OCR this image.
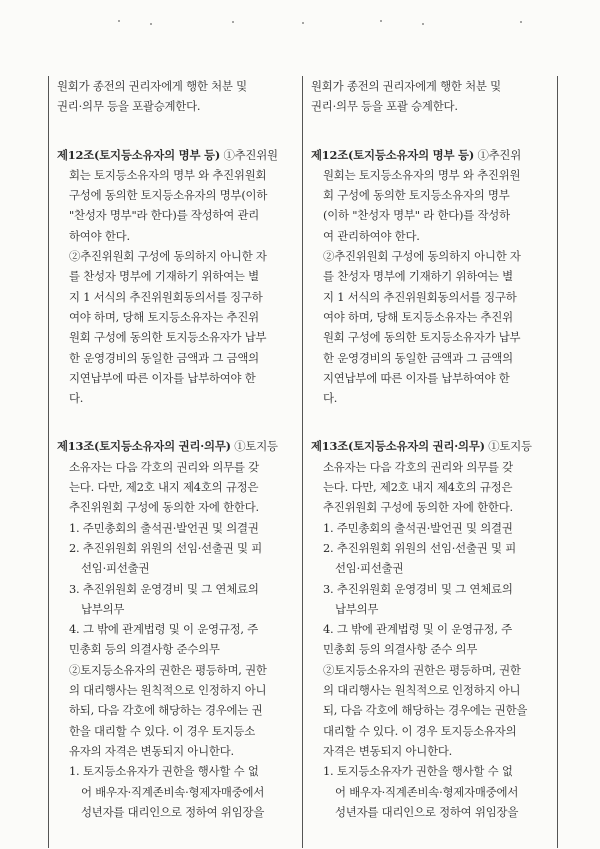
원회가 종전의 권리자에게 행한 처분 및
권리·의무 등을 포괄승계한다.
제12조(토지등소유자의 명부 등) ①추진위원
회는 토지등소유자의 명부 와 추진위원회
구성에 동의한 토지등소유자의 명부(이하
"찬성자 명부"라 한다)를 작성하여 관리
하여야 한다.
②추진위원회 구성에 동의하지 아니한 자
를 찬성자 명부에 기재하기 위하여는 별
지 1 서식의 추진위원회동의서를 징구하
여야 하며, 당해 토지등소유자는 추진위
원회 구성에 동의한 토지등소유자가 납부
한 운영경비의 동일한 금액과 그 금액의
지연납부에 따른 이자를 납부하여야 한
다.
제13조(토지등소유자의 권리·의무) ①토지등
소유자는 다음 각호의 권리와 의무를 갖
는다. 다만, 제2호 내지 제4호의 규정은
추진위원회 구성에 동의한 자에 한한다.
1. 주민총회의 출석권·발언권 및 의결권
2. 추진위원회 위원의 선임·선출권 및 피
선임·피선출권
3. 추진위원회 운영경비 및 그 연체료의
납부의무
4. 그 밖에 관계법령 및 이 운영규정, 주
민총회 등의 의결사항 준수의무
②토지등소유자의 권한은 평등하며, 권한
의 대리행사는 원칙적으로 인정하지 아니
하되, 다음 각호에 해당하는 경우에는 권
한을 대리할 수 있다. 이 경우 토지등소
유자의 자격은 변동되지 아니한다.
1. 토지등소유자가 권한을 행사할 수 없
어 배우자·직계존비속·형제자매중에서
성년자를 대리인으로 정하여 위임장을
원회가 종전의 권리자에게 행한 처분 및
권리·의무 등을 포괄 승계한다.
제12조(토지등소유자의 명부 등) ①추진위
원회는 토지등소유자의 명부 와 추진위원
회 구성에 동의한 토지등소유자의 명부
(이하 "찬성자 명부" 라 한다)를 작성하
여 관리하여야 한다.
②추진위원회 구성에 동의하지 아니한 자
를 찬성자 명부에 기재하기 위하여는 별
지 1 서식의 추진위원회동의서를 징구하
여야 하며, 당해 토지등소유자는 추진위
원회 구성에 동의한 토지등소유자가 납부
한 운영경비의 동일한 금액과 그 금액의
지연납부에 따른 이자를 납부하여야 한
다.
제13조(토지등소유자의 권리·의무) ①토지등
소유자는 다음 각호의 권리와 의무를 갖
는다. 다만, 제2호 내지 제4호의 규정은
추진위원회 구성에 동의한 자에 한한다.
1. 주민총회의 출석권·발언권 및 의결권
2. 추진위원회 위원의 선임·선출권 및 피
선임·피선출권
3. 추진위원회 운영경비 및 그 연체료의
납부의무
4. 그 밖에 관계법령 및 이 운영규정, 주
민총회 등의 의결사항 준수 의무
②토지등소유자의 권한은 평등하며, 권한
의 대리행사는 원칙적으로 인정하지 아니
되, 다음 각호에 해당하는 경우에는 권한을
대리할 수 있다. 이 경우 토지등소유자의
자격은 변동되지 아니한다.
1. 토지등소유자가 권한을 행사할 수 없
어 배우자·직계존비속·형제자매중에서
성년자를 대리인으로 정하여 위임장을
